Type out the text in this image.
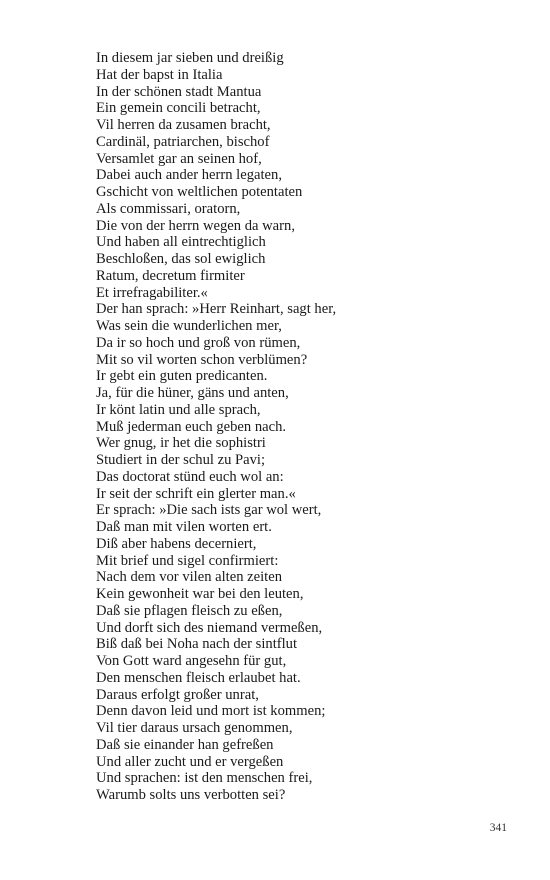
In diesem jar sieben und dreißig
Hat der bapst in Italia
In der schönen stadt Mantua
Ein gemein concili betracht,
Vil herren da zusamen bracht,
Cardinäl, patriarchen, bischof
Versamlet gar an seinen hof,
Dabei auch ander herrn legaten,
Gschicht von weltlichen potentaten
Als commissari, oratorn,
Die von der herrn wegen da warn,
Und haben all eintrechtiglich
Beschloßen, das sol ewiglich
Ratum, decretum firmiter
Et irrefragabiliter.«
Der han sprach: »Herr Reinhart, sagt her,
Was sein die wunderlichen mer,
Da ir so hoch und groß von rümen,
Mit so vil worten schon verblümen?
Ir gebt ein guten predicanten.
Ja, für die hüner, gäns und anten,
Ir könt latin und alle sprach,
Muß jederman euch geben nach.
Wer gnug, ir het die sophistri
Studiert in der schul zu Pavi;
Das doctorat stünd euch wol an:
Ir seit der schrift ein glerter man.«
Er sprach: »Die sach ists gar wol wert,
Daß man mit vilen worten ert.
Diß aber habens decerniert,
Mit brief und sigel confirmiert:
Nach dem vor vilen alten zeiten
Kein gewonheit war bei den leuten,
Daß sie pflagen fleisch zu eßen,
Und dorft sich des niemand vermeßen,
Biß daß bei Noha nach der sintflut
Von Gott ward angesehn für gut,
Den menschen fleisch erlaubet hat.
Daraus erfolgt großer unrat,
Denn davon leid und mort ist kommen;
Vil tier daraus ursach genommen,
Daß sie einander han gefreßen
Und aller zucht und er vergeßen
Und sprachen: ist den menschen frei,
Warumb solts uns verbotten sei?
341
